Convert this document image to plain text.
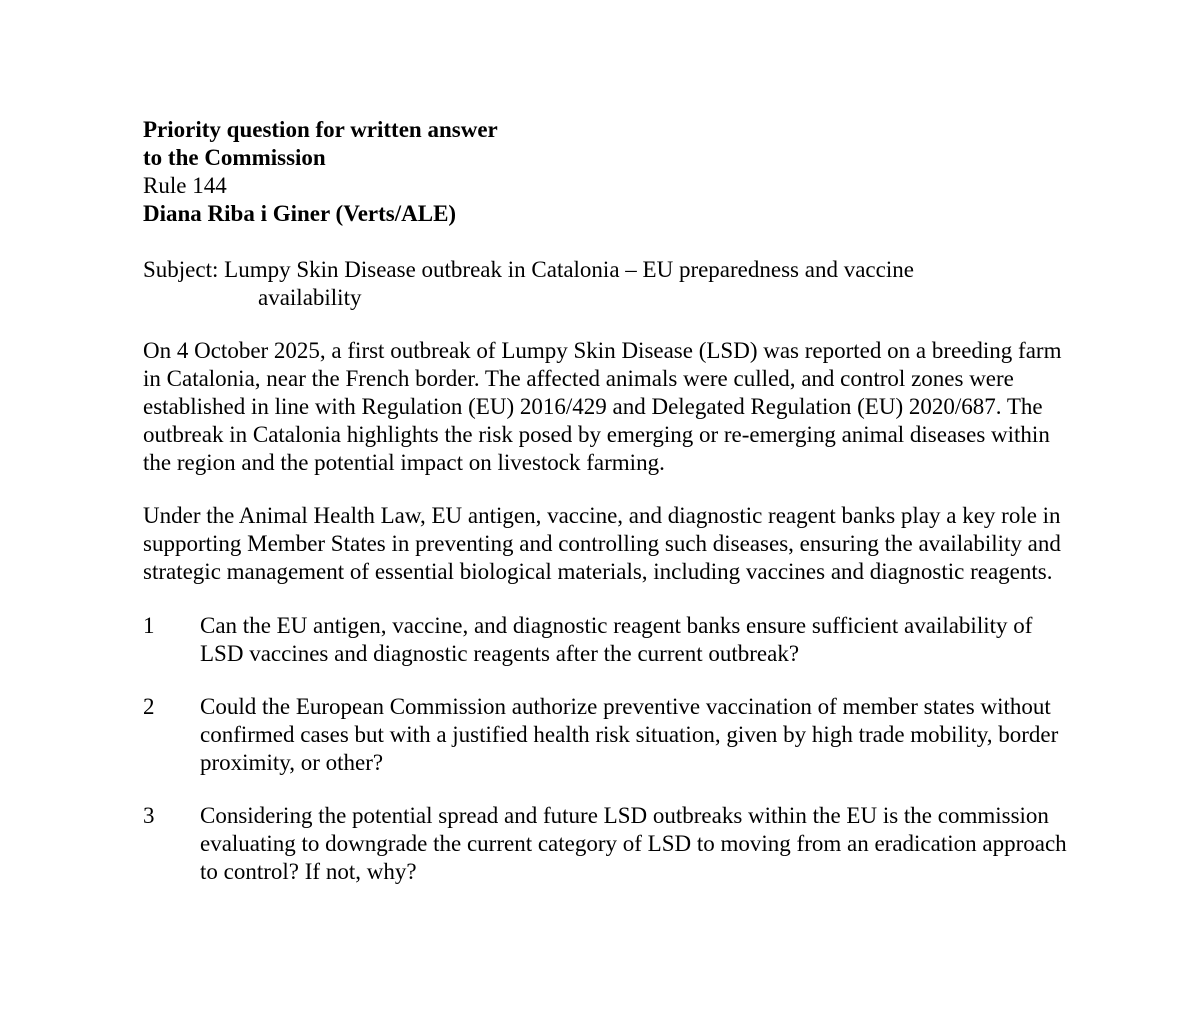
Priority question for written answer
to the Commission
Rule 144
Diana Riba i Giner (Verts/ALE)
Subject: Lumpy Skin Disease outbreak in Catalonia – EU preparedness and vaccine
availability

On 4 October 2025, a first outbreak of Lumpy Skin Disease (LSD) was reported on a breeding farm in Catalonia, near the French border. The affected animals were culled, and control zones were established in line with Regulation (EU) 2016/429 and Delegated Regulation (EU) 2020/687. The outbreak in Catalonia highlights the risk posed by emerging or re-emerging animal diseases within the region and the potential impact on livestock farming.

Under the Animal Health Law, EU antigen, vaccine, and diagnostic reagent banks play a key role in supporting Member States in preventing and controlling such diseases, ensuring the availability and strategic management of essential biological materials, including vaccines and diagnostic reagents.

1	Can the EU antigen, vaccine, and diagnostic reagent banks ensure sufficient availability of LSD vaccines and diagnostic reagents after the current outbreak?
2	Could the European Commission authorize preventive vaccination of member states without confirmed cases but with a justified health risk situation, given by high trade mobility, border proximity, or other?
3	Considering the potential spread and future LSD outbreaks within the EU is the commission evaluating to downgrade the current category of LSD to moving from an eradication approach to control? If not, why?
